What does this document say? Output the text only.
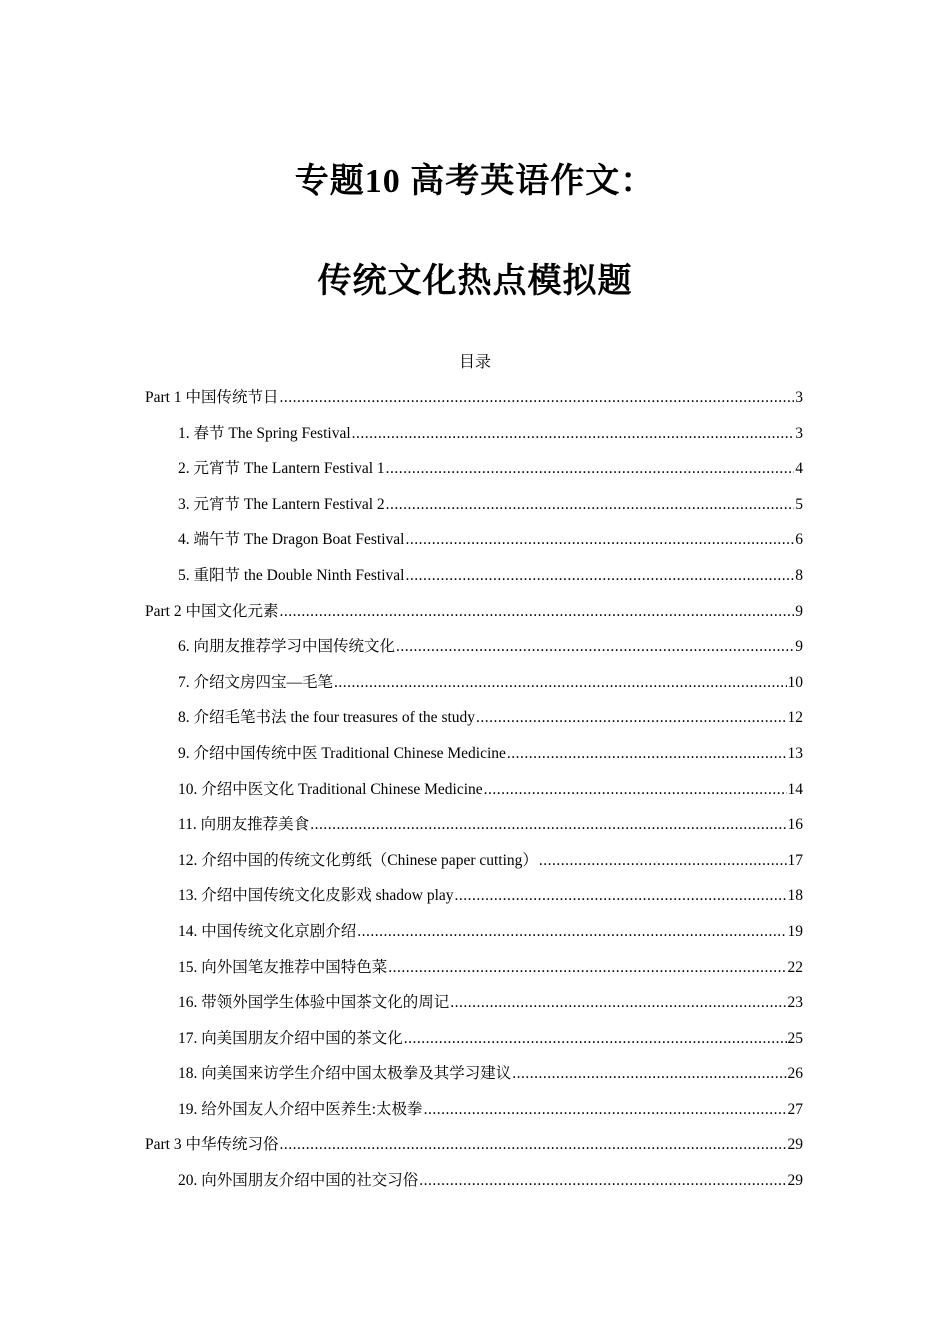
专题10 高考英语作文：
传统文化热点模拟题
目录
Part 1 中国传统节日 .....	3
1. 春节 The Spring Festival .....	3
2. 元宵节 The Lantern Festival 1 .....	4
3. 元宵节 The Lantern Festival 2 .....	5
4. 端午节 The Dragon Boat Festival .....	6
5. 重阳节 the Double Ninth Festival .....	8
Part 2 中国文化元素 .....	9
6. 向朋友推荐学习中国传统文化 .....	9
7. 介绍文房四宝—毛笔 .....	10
8. 介绍毛笔书法 the four treasures of the study .....	12
9. 介绍中国传统中医 Traditional Chinese Medicine .....	13
10. 介绍中医文化 Traditional Chinese Medicine .....	14
11. 向朋友推荐美食 .....	16
12. 介绍中国的传统文化剪纸（Chinese paper cutting） .....	17
13. 介绍中国传统文化皮影戏 shadow play .....	18
14. 中国传统文化京剧介绍 .....	19
15. 向外国笔友推荐中国特色菜 .....	22
16. 带领外国学生体验中国茶文化的周记 .....	23
17. 向美国朋友介绍中国的茶文化 .....	25
18. 向美国来访学生介绍中国太极拳及其学习建议 .....	26
19. 给外国友人介绍中医养生:太极拳 .....	27
Part 3 中华传统习俗 .....	29
20. 向外国朋友介绍中国的社交习俗 .....	29
